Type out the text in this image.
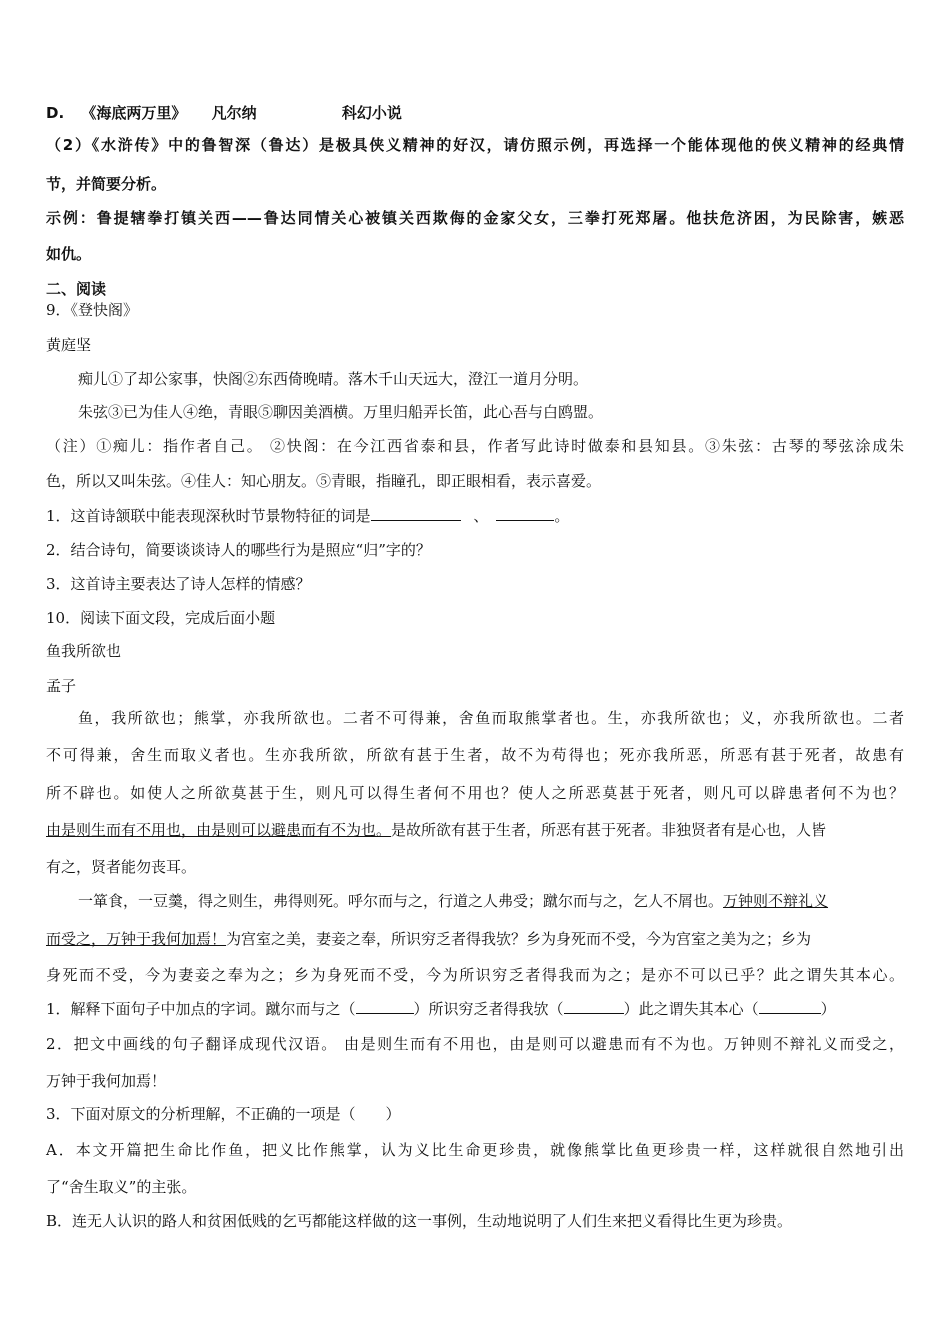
D. 《海底两万里》 凡尔纳	科幻小说
（2）《水浒传》中的鲁智深（鲁达）是极具侠义精神的好汉，请仿照示例，再选择一个能体现他的侠义精神的经典情
节，并简要分析。
示例：鲁提辖拳打镇关西——鲁达同情关心被镇关西欺侮的金家父女，三拳打死郑屠。他扶危济困，为民除害，嫉恶
如仇。
二、阅读
9．《登快阁》
黄庭坚
痴儿①了却公家事，快阁②东西倚晚晴。落木千山天远大，澄江一道月分明。
朱弦③已为佳人④绝，青眼⑤聊因美酒横。万里归船弄长笛，此心吾与白鸥盟。
（注）①痴儿：指作者自己。 ②快阁：在今江西省泰和县，作者写此诗时做泰和县知县。③朱弦：古琴的琴弦涂成朱
色，所以又叫朱弦。④佳人：知心朋友。⑤青眼，指瞳孔，即正眼相看，表示喜爱。
1．这首诗颔联中能表现深秋时节景物特征的词是	、	。
2．结合诗句，简要谈谈诗人的哪些行为是照应“归”字的？
3．这首诗主要表达了诗人怎样的情感？
10．阅读下面文段，完成后面小题
鱼我所欲也
孟子
鱼，我所欲也；熊掌，亦我所欲也。二者不可得兼，舍鱼而取熊掌者也。生，亦我所欲也；义，亦我所欲也。二者
不可得兼，舍生而取义者也。生亦我所欲，所欲有甚于生者，故不为苟得也；死亦我所恶，所恶有甚于死者，故患有
所不辟也。如使人之所欲莫甚于生，则凡可以得生者何不用也？使人之所恶莫甚于死者，则凡可以辟患者何不为也？
由是则生而有不用也，由是则可以避患而有不为也。是故所欲有甚于生者，所恶有甚于死者。非独贤者有是心也，人皆
有之，贤者能勿丧耳。
一箪食，一豆羹，得之则生，弗得则死。呼尔而与之，行道之人弗受；蹴尔而与之，乞人不屑也。万钟则不辩礼义
而受之，万钟于我何加焉！为宫室之美，妻妾之奉，所识穷乏者得我欤？乡为身死而不受，今为宫室之美为之；乡为
身死而不受，今为妻妾之奉为之；乡为身死而不受，今为所识穷乏者得我而为之；是亦不可以已乎？此之谓失其本心。
1．解释下面句子中加点的字词。蹴尔而与之（	）所识穷乏者得我欤（	）此之谓失其本心（	）
2．把文中画线的句子翻译成现代汉语。 由是则生而有不用也，由是则可以避患而有不为也。万钟则不辩礼义而受之，
万钟于我何加焉！
3．下面对原文的分析理解，不正确的一项是（　　）
A．本文开篇把生命比作鱼，把义比作熊掌，认为义比生命更珍贵，就像熊掌比鱼更珍贵一样，这样就很自然地引出
了“舍生取义”的主张。
B．连无人认识的路人和贫困低贱的乞丐都能这样做的这一事例，生动地说明了人们生来把义看得比生更为珍贵。
